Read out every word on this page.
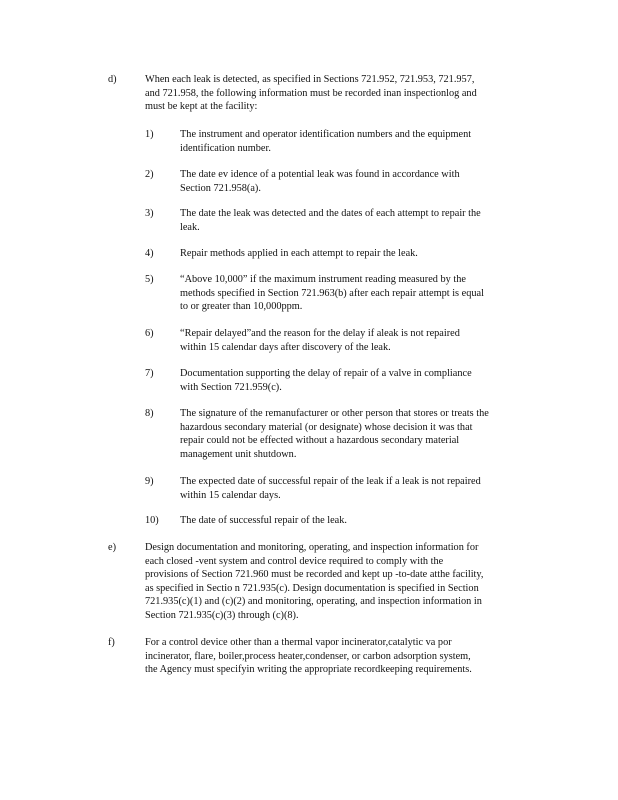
d)	When each leak is detected, as specified in Sections 721.952, 721.953, 721.957,
and 721.958, the following information must be recorded inan inspectionlog and
must be kept at the facility:
1)	The instrument and operator identification numbers and the equipment
identification number.
2)	The date ev idence of a potential leak was found in accordance with
Section 721.958(a).
3)	The date the leak was detected and the dates of each attempt to repair the
leak.
4)	Repair methods applied in each attempt to repair the leak.
5)	“Above 10,000” if the maximum instrument reading measured by the
methods specified in Section 721.963(b) after each repair attempt is equal
to or greater than 10,000ppm.
6)	“Repair delayed”and the reason for the delay if aleak is not repaired
within 15 calendar days after discovery of the leak.
7)	Documentation supporting the delay of repair of a valve in compliance
with Section 721.959(c).
8)	The signature of the remanufacturer or other person that stores or treats the
hazardous secondary material (or designate) whose decision it was that
repair could not be effected without a hazardous secondary material
management unit shutdown.
9)	The expected date of successful repair of the leak if a leak is not repaired
within 15 calendar days.
10) The date of successful repair of the leak.
e)	Design documentation and monitoring, operating, and inspection information for
each closed -vent system and control device required to comply with the
provisions of Section 721.960 must be recorded and kept up -to-date atthe facility,
as specified in Sectio n 721.935(c). Design documentation is specified in Section
721.935(c)(1) and (c)(2) and monitoring, operating, and inspection information in
Section 721.935(c)(3) through (c)(8).
f)	For a control device other than a thermal vapor incinerator,catalytic va por
incinerator, flare, boiler,process heater,condenser, or carbon adsorption system,
the Agency must specifyin writing the appropriate recordkeeping requirements.
